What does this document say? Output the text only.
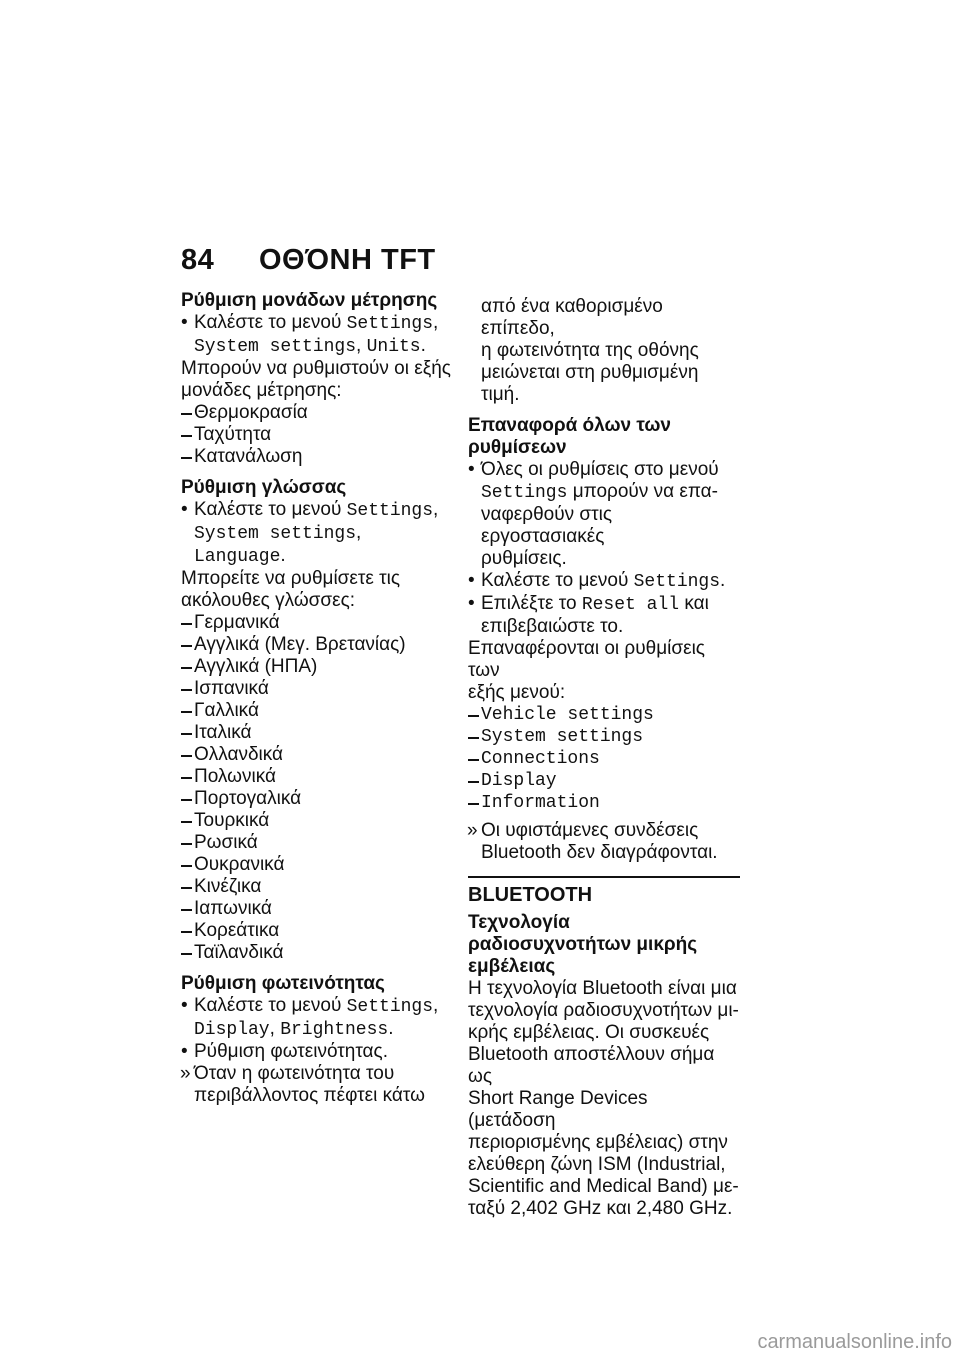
84 ΟΘΌΝΗ TFT

Ρύθμιση μονάδων μέτρησης

• Καλέστε το μενού Settings,
System settings, Units.

Μπορούν να ρυθμιστούν οι εξής

μονάδες μέτρησης:

Θερμοκρασία
Ταχύτητα
Κατανάλωση

Ρύθμιση γλώσσας

• Καλέστε το μενού Settings,
System settings,
Language.

Μπορείτε να ρυθμίσετε τις

ακόλουθες γλώσσες:

Γερμανικά
Αγγλικά (Μεγ. Βρετανίας)
Αγγλικά (ΗΠΑ)
Ισπανικά
Γαλλικά
Ιταλικά
Ολλανδικά
Πολωνικά
Πορτογαλικά
Τουρκικά
Ρωσικά
Ουκρανικά
Κινέζικα
Ιαπωνικά
Κορεάτικα
Ταϊλανδικά

Ρύθμιση φωτεινότητας

• Καλέστε το μενού Settings,
Display, Brightness.
• Ρύθμιση φωτεινότητας.
» Όταν η φωτεινότητα του
περιβάλλοντος πέφτει κάτω
από ένα καθορισμένο επίπεδο,
η φωτεινότητα της οθόνης
μειώνεται στη ρυθμισμένη τιμή.

Επαναφορά όλων των
ρυθμίσεων

• Όλες οι ρυθμίσεις στο μενού
Settings μπορούν να επα-
ναφερθούν στις εργοστασιακές
ρυθμίσεις.
• Καλέστε το μενού Settings.
• Επιλέξτε το Reset all και
επιβεβαιώστε το.

Επαναφέρονται οι ρυθμίσεις των

εξής μενού:

Vehicle settings
System settings
Connections
Display
Information
» Οι υφιστάμενες συνδέσεις
Bluetooth δεν διαγράφονται.

BLUETOOTH

Τεχνολογία
ραδιοσυχνοτήτων μικρής
εμβέλειας

Η τεχνολογία Bluetooth είναι μια
τεχνολογία ραδιοσυχνοτήτων μι-
κρής εμβέλειας. Οι συσκευές
Bluetooth αποστέλλουν σήμα ως
Short Range Devices (μετάδοση
περιορισμένης εμβέλειας) στην
ελεύθερη ζώνη ISM (Industrial,
Scientific and Medical Band) με-
ταξύ 2,402 GHz και 2,480 GHz.
carmanualsonline.info
